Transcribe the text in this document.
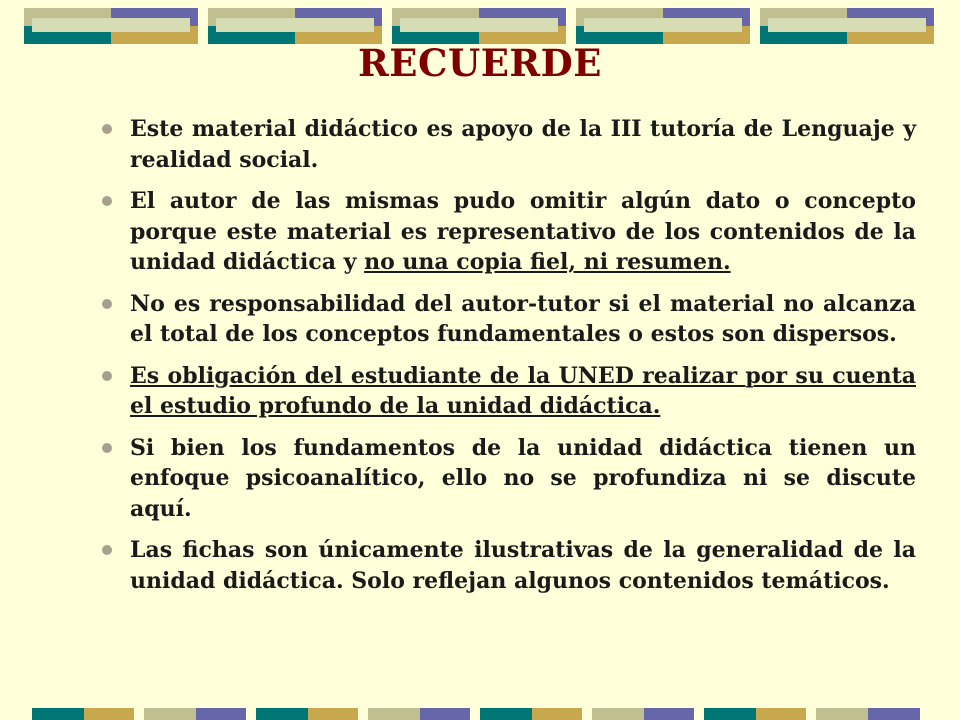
RECUERDE
Este material didáctico es apoyo de la III tutoría de Lenguaje y realidad social.
El autor de las mismas pudo omitir algún dato o concepto porque este material es representativo de los contenidos de la unidad didáctica y no una copia fiel, ni resumen.
No es responsabilidad del autor-tutor si el material no alcanza el total de los conceptos fundamentales o estos son dispersos.
Es obligación del estudiante de la UNED realizar por su cuenta el estudio profundo de la unidad didáctica.
Si bien los fundamentos de la unidad didáctica tienen un enfoque psicoanalítico, ello no se profundiza ni se discute aquí.
Las fichas son únicamente ilustrativas de la generalidad de la unidad didáctica. Solo reflejan algunos contenidos temáticos.
